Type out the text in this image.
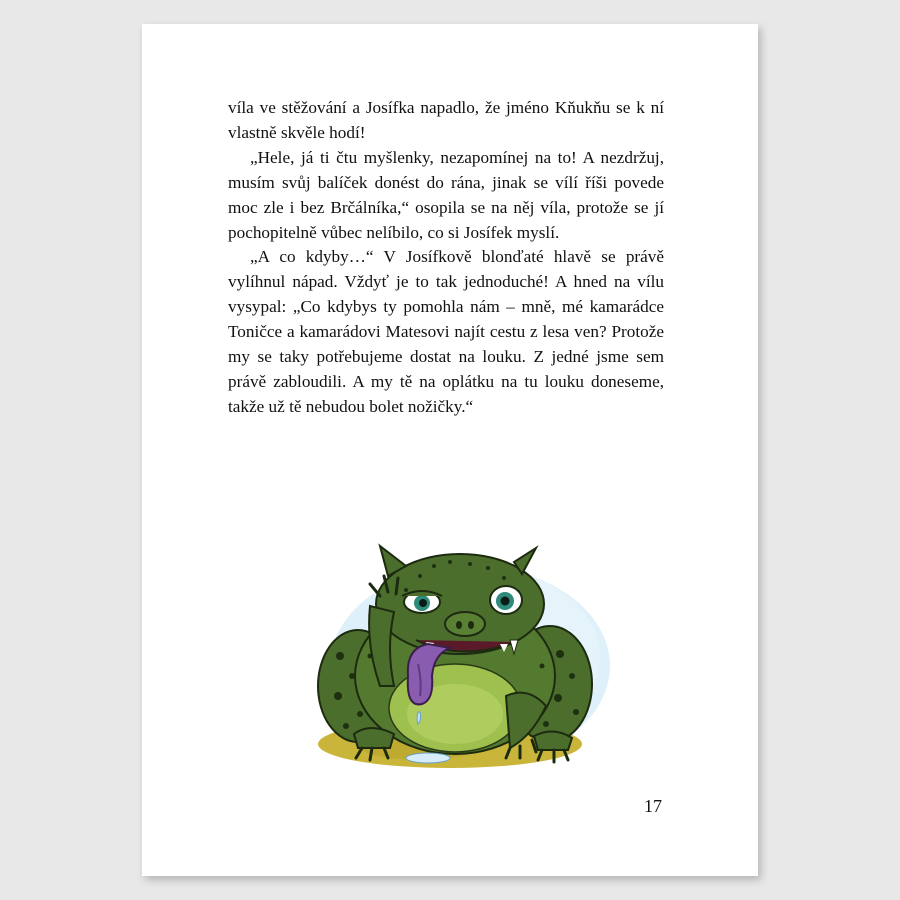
víla ve stěžování a Josífka napadlo, že jméno Kňukňu se k ní vlastně skvěle hodí!

„Hele, já ti čtu myšlenky, nezapomínej na to! A nezdržuj, musím svůj balíček donést do rána, jinak se vílí říši povede moc zle i bez Brčálníka,“ osopila se na něj víla, protože se jí pochopitelně vůbec nelíbilo, co si Josífek myslí.

„A co kdyby…“ V Josífkově blonďaté hlavě se právě vylíhnul nápad. Vždyť je to tak jednoduché! A hned na vílu vysypal: „Co kdybys ty pomohla nám – mně, mé kamarádce Toničce a kamarádovi Matesovi najít cestu z lesa ven? Protože my se taky potřebujeme dostat na louku. Z jedné jsme sem právě zabloudili. A my tě na oplátku na tu louku doneseme, takže už tě nebudou bolet nožičky.“

17
